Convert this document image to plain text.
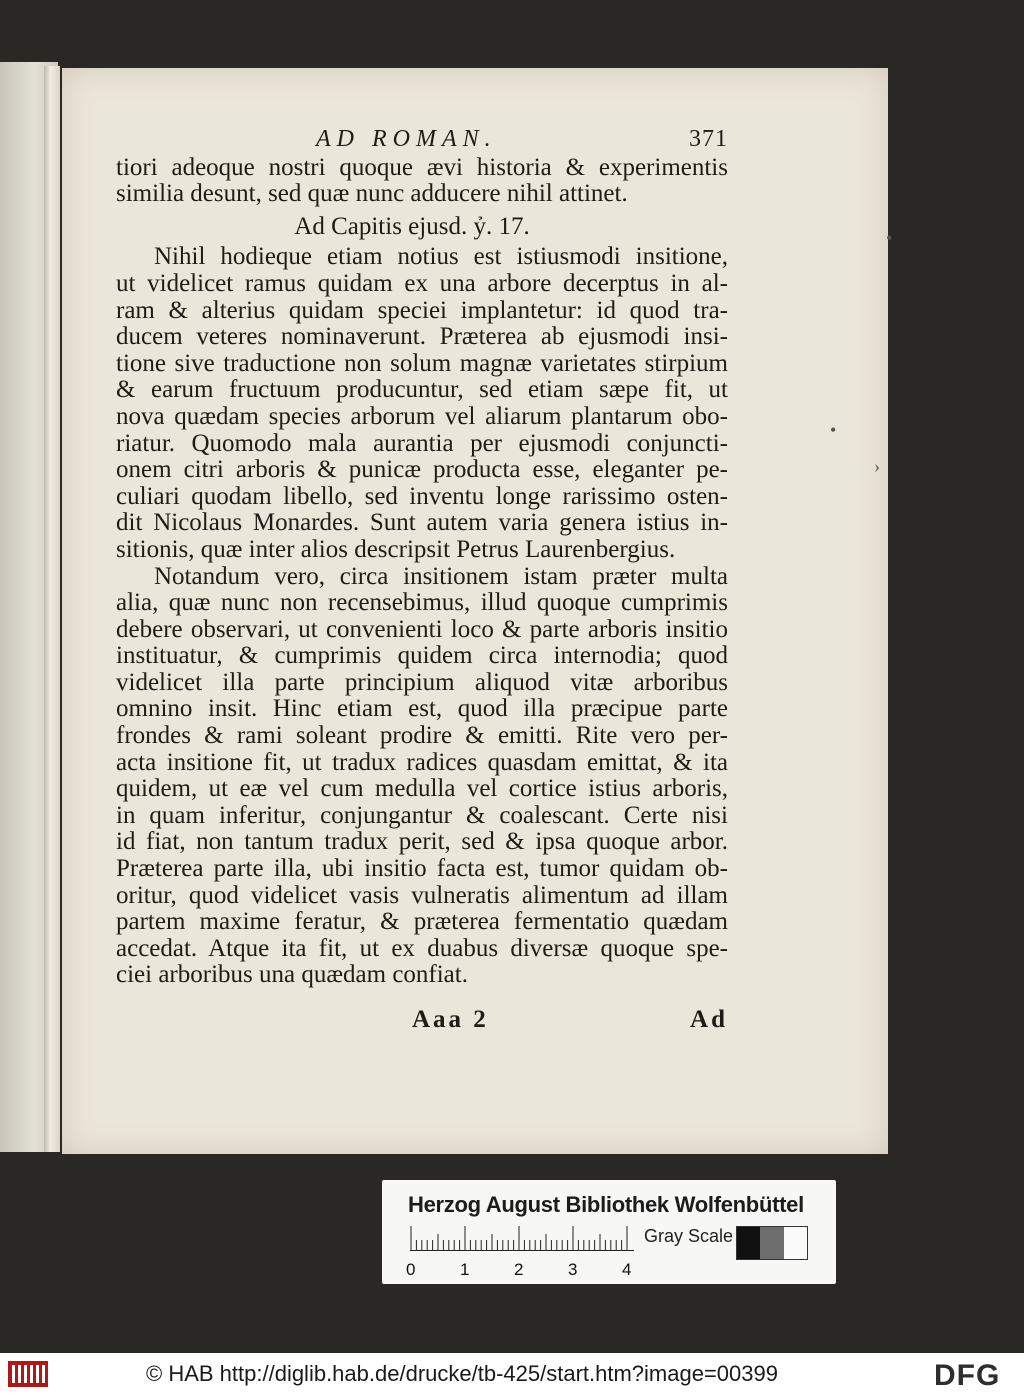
AD ROMAN.	371
tiori adeoque nostri quoque ævi historia & experimentis
similia desunt, sed quæ nunc adducere nihil attinet.
Ad Capitis ejusd. ỷ. 17.
Nihil hodieque etiam notius est istiusmodi insitione,
ut videlicet ramus quidam ex una arbore decerptus in al-
ram & alterius quidam speciei implantetur: id quod tra-
ducem veteres nominaverunt. Præterea ab ejusmodi insi-
tione sive traductione non solum magnæ varietates stirpium
& earum fructuum producuntur, sed etiam sæpe fit, ut
nova quædam species arborum vel aliarum plantarum obo-
riatur. Quomodo mala aurantia per ejusmodi conjuncti-
onem citri arboris & punicæ producta esse, eleganter pe-
culiari quodam libello, sed inventu longe rarissimo osten-
dit Nicolaus Monardes. Sunt autem varia genera istius in-
sitionis, quæ inter alios descripsit Petrus Laurenbergius.
Notandum vero, circa insitionem istam præter multa
alia, quæ nunc non recensebimus, illud quoque cumprimis
debere observari, ut convenienti loco & parte arboris insitio
instituatur, & cumprimis quidem circa internodia; quod
videlicet illa parte principium aliquod vitæ arboribus
omnino insit. Hinc etiam est, quod illa præcipue parte
frondes & rami soleant prodire & emitti. Rite vero per-
acta insitione fit, ut tradux radices quasdam emittat, & ita
quidem, ut eæ vel cum medulla vel cortice istius arboris,
in quam inferitur, conjungantur & coalescant. Certe nisi
id fiat, non tantum tradux perit, sed & ipsa quoque arbor.
Præterea parte illa, ubi insitio facta est, tumor quidam ob-
oritur, quod videlicet vasis vulneratis alimentum ad illam
partem maxime feratur, & præterea fermentatio quædam
accedat. Atque ita fit, ut ex duabus diversæ quoque spe-
ciei arboribus una quædam confiat.
Aaa 2	Ad
•
•
›
Herzog August Bibliothek Wolfenbüttel
0	1	2	3	4
Gray Scale
© HAB http://diglib.hab.de/drucke/tb-425/start.htm?image=00399	DFG
